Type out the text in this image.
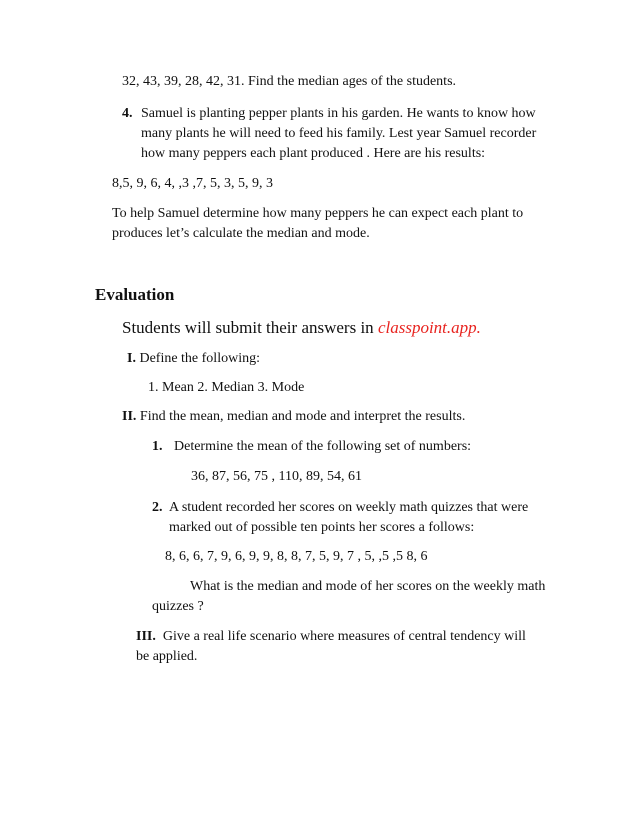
32, 43, 39, 28, 42, 31. Find the median ages of the students.
4. Samuel is planting pepper plants in his garden. He wants to know how
many plants he will need to feed his family. Lest year Samuel recorder
how many peppers each plant produced . Here are his results:
8,5, 9, 6, 4, ,3 ,7, 5, 3, 5, 9, 3
To help Samuel determine how many peppers he can expect each plant to
produces let’s calculate the median and mode.
Evaluation
Students will submit their answers in classpoint.app.
I. Define the following:
1. Mean 2. Median 3. Mode
II. Find the mean, median and mode and interpret the results.
1. Determine the mean of the following set of numbers:
36, 87, 56, 75 , 110, 89, 54, 61
2. A student recorded her scores on weekly math quizzes that were
marked out of possible ten points her scores a follows:
8, 6, 6, 7, 9, 6, 9, 9, 8, 8, 7, 5, 9, 7 , 5, ,5 ,5 8, 6
What is the median and mode of her scores on the weekly math
quizzes ?
III. Give a real life scenario where measures of central tendency will
be applied.
